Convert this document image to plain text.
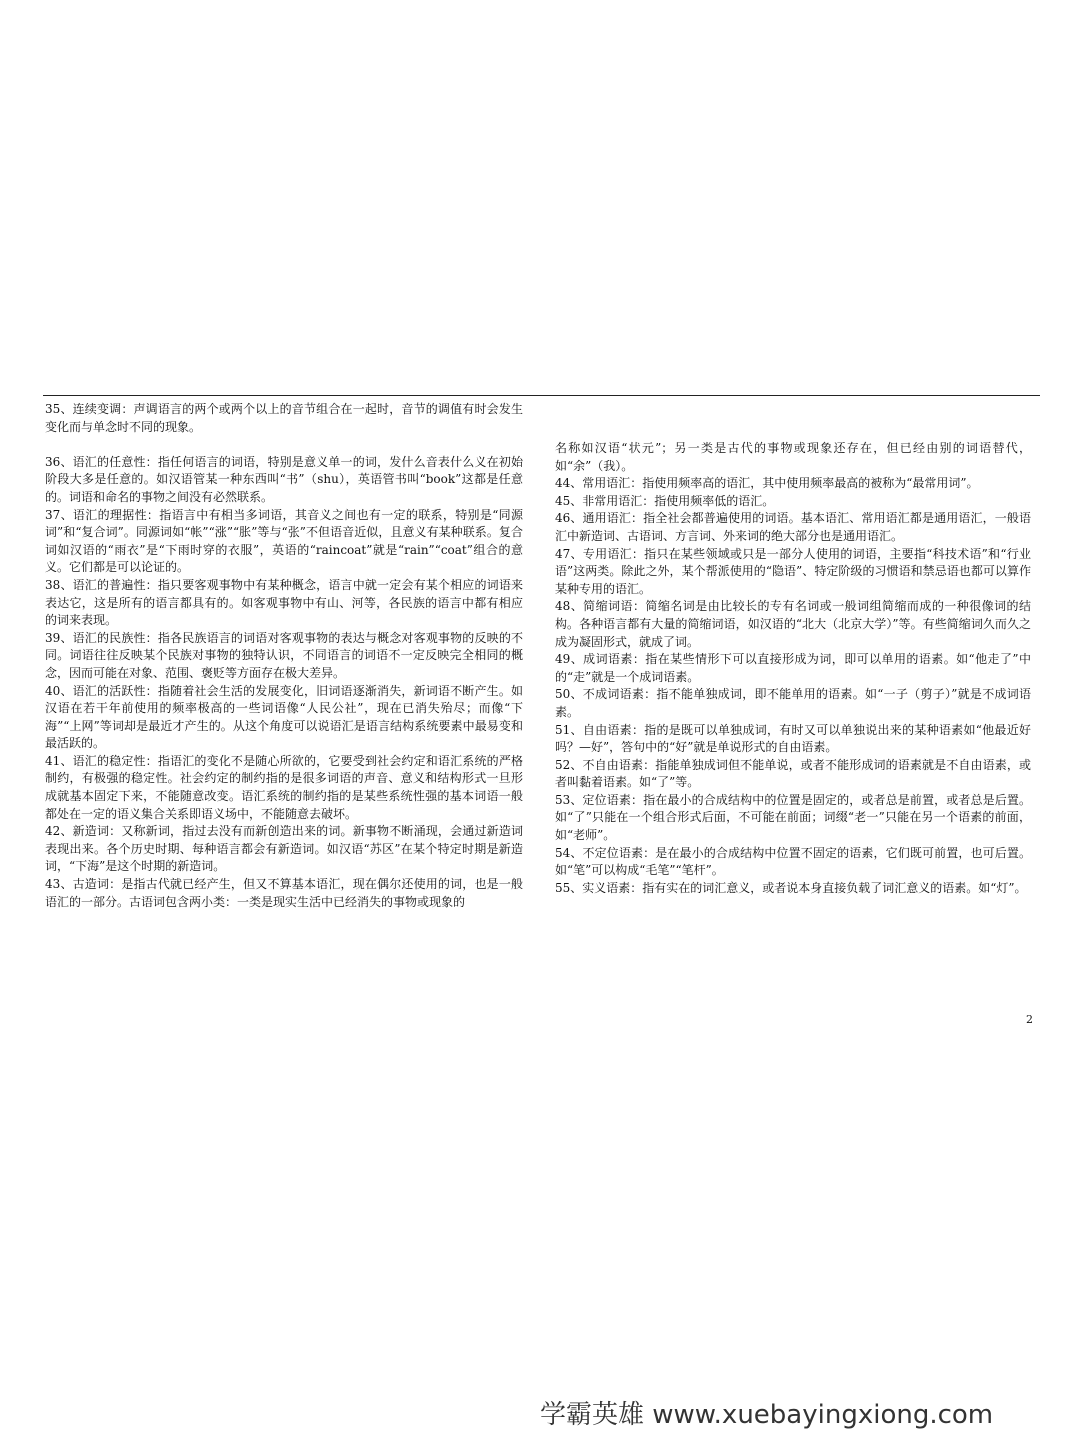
35、连续变调：声调语言的两个或两个以上的音节组合在一起时，音节的调值有时会发生变化而与单念时不同的现象。

36、语汇的任意性：指任何语言的词语，特别是意义单一的词，发什么音表什么义在初始阶段大多是任意的。如汉语管某一种东西叫“书”（shu），英语管书叫“book”这都是任意的。词语和命名的事物之间没有必然联系。

37、语汇的理据性：指语言中有相当多词语，其音义之间也有一定的联系，特别是“同源词”和“复合词”。同源词如“帐”“涨”“胀”等与“张”不但语音近似，且意义有某种联系。复合词如汉语的“雨衣”是“下雨时穿的衣服”，英语的“raincoat”就是“rain”“coat”组合的意义。它们都是可以论证的。

38、语汇的普遍性：指只要客观事物中有某种概念，语言中就一定会有某个相应的词语来表达它，这是所有的语言都具有的。如客观事物中有山、河等，各民族的语言中都有相应的词来表现。

39、语汇的民族性：指各民族语言的词语对客观事物的表达与概念对客观事物的反映的不同。词语往往反映某个民族对事物的独特认识，不同语言的词语不一定反映完全相同的概念，因而可能在对象、范围、褒贬等方面存在极大差异。

40、语汇的活跃性：指随着社会生活的发展变化，旧词语逐渐消失，新词语不断产生。如汉语在若干年前使用的频率极高的一些词语像“人民公社”，现在已消失殆尽；而像“下海”“上网”等词却是最近才产生的。从这个角度可以说语汇是语言结构系统要素中最易变和最活跃的。

41、语汇的稳定性：指语汇的变化不是随心所欲的，它要受到社会约定和语汇系统的严格制约，有极强的稳定性。社会约定的制约指的是很多词语的声音、意义和结构形式一旦形成就基本固定下来，不能随意改变。语汇系统的制约指的是某些系统性强的基本词语一般都处在一定的语义集合关系即语义场中，不能随意去破坏。

42、新造词：又称新词，指过去没有而新创造出来的词。新事物不断涌现，会通过新造词表现出来。各个历史时期、每种语言都会有新造词。如汉语“苏区”在某个特定时期是新造词，“下海”是这个时期的新造词。

43、古造词：是指古代就已经产生，但又不算基本语汇，现在偶尔还使用的词，也是一般语汇的一部分。古语词包含两小类：一类是现实生活中已经消失的事物或现象的

名称如汉语“状元”；另一类是古代的事物或现象还存在，但已经由别的词语替代，如“余”（我）。

44、常用语汇：指使用频率高的语汇，其中使用频率最高的被称为“最常用词”。

45、非常用语汇：指使用频率低的语汇。

46、通用语汇：指全社会都普遍使用的词语。基本语汇、常用语汇都是通用语汇，一般语汇中新造词、古语词、方言词、外来词的绝大部分也是通用语汇。

47、专用语汇：指只在某些领域或只是一部分人使用的词语，主要指“科技术语”和“行业语”这两类。除此之外，某个帮派使用的“隐语”、特定阶级的习惯语和禁忌语也都可以算作某种专用的语汇。

48、简缩词语：简缩名词是由比较长的专有名词或一般词组简缩而成的一种很像词的结构。各种语言都有大量的简缩词语，如汉语的“北大（北京大学）”等。有些简缩词久而久之成为凝固形式，就成了词。

49、成词语素：指在某些情形下可以直接形成为词，即可以单用的语素。如“他走了”中的“走”就是一个成词语素。

50、不成词语素：指不能单独成词，即不能单用的语素。如“一子（剪子）”就是不成词语素。

51、自由语素：指的是既可以单独成词，有时又可以单独说出来的某种语素如“他最近好吗？—好”，答句中的“好”就是单说形式的自由语素。

52、不自由语素：指能单独成词但不能单说，或者不能形成词的语素就是不自由语素，或者叫黏着语素。如“了”等。

53、定位语素：指在最小的合成结构中的位置是固定的，或者总是前置，或者总是后置。如“了”只能在一个组合形式后面，不可能在前面；词缀“老一”只能在另一个语素的前面，如“老师”。

54、不定位语素：是在最小的合成结构中位置不固定的语素，它们既可前置，也可后置。如“笔”可以构成“毛笔”“笔杆”。

55、实义语素：指有实在的词汇意义，或者说本身直接负载了词汇意义的语素。如“灯”。

2
学霸英雄 www.xuebayingxiong.com
